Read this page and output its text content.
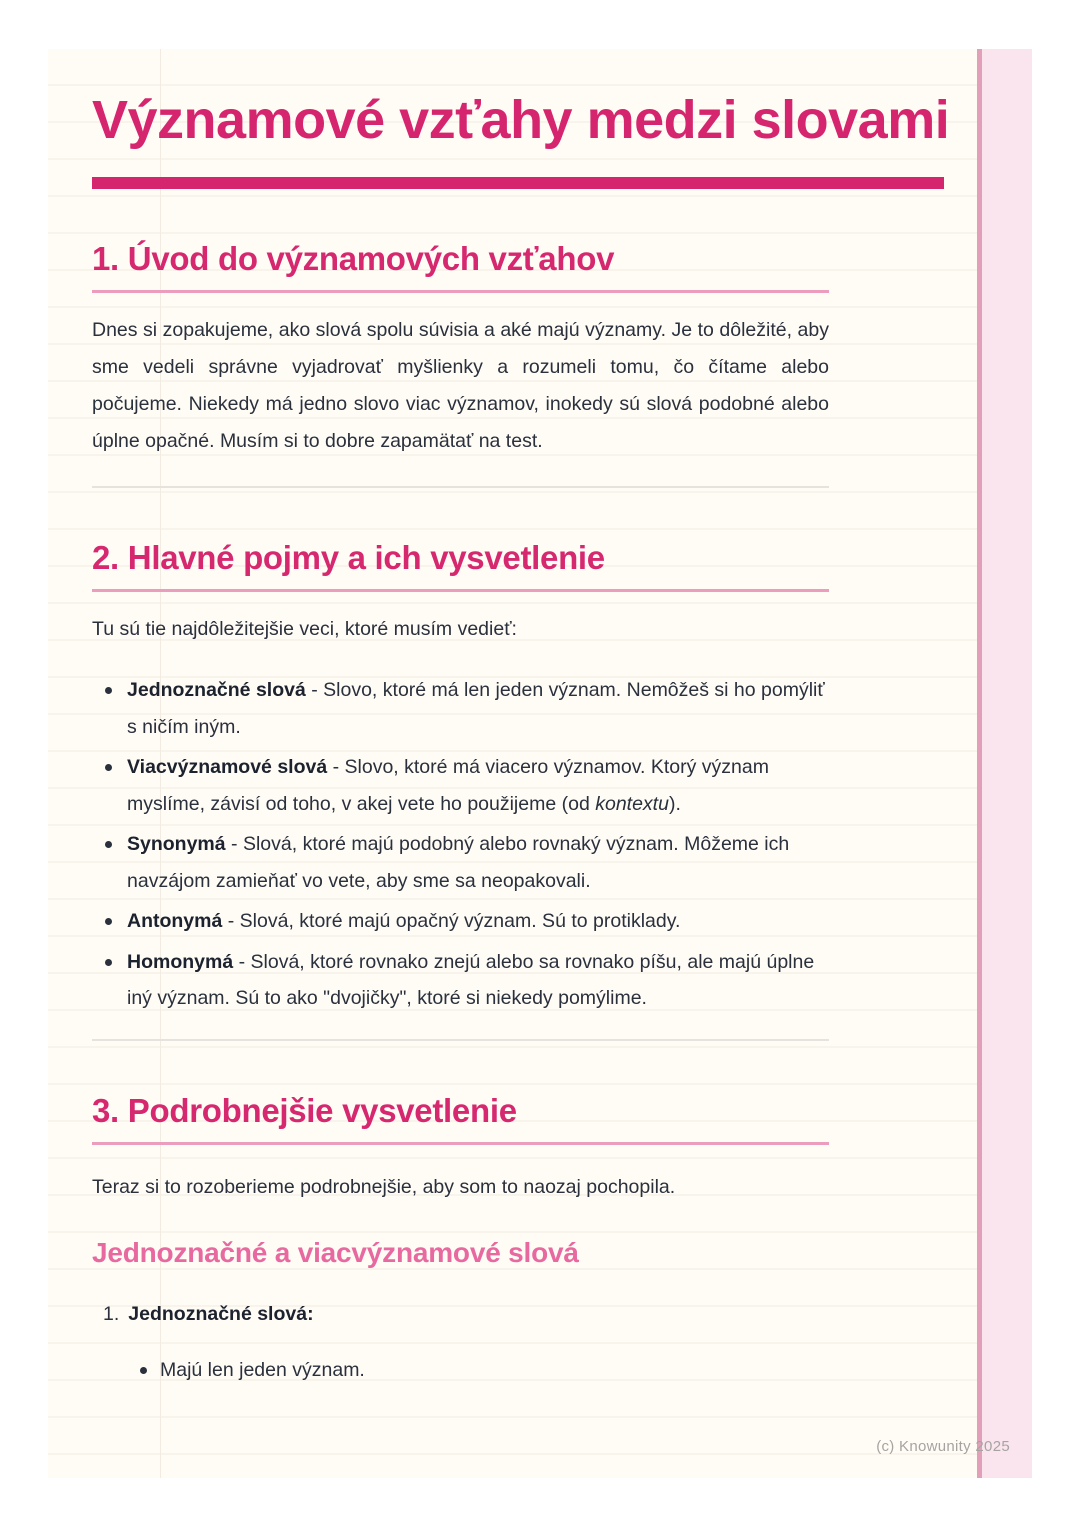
Významové vzťahy medzi slovami
1. Úvod do významových vzťahov

Dnes si zopakujeme, ako slová spolu súvisia a aké majú významy. Je to dôležité, aby sme vedeli správne vyjadrovať myšlienky a rozumeli tomu, čo čítame alebo počujeme. Niekedy má jedno slovo viac významov, inokedy sú slová podobné alebo úplne opačné. Musím si to dobre zapamätať na test.

2. Hlavné pojmy a ich vysvetlenie

Tu sú tie najdôležitejšie veci, ktoré musím vedieť:

Jednoznačné slová - Slovo, ktoré má len jeden význam. Nemôžeš si ho pomýliť s ničím iným.
Viacvýznamové slová - Slovo, ktoré má viacero významov. Ktorý význam myslíme, závisí od toho, v akej vete ho použijeme (od kontextu).
Synonymá - Slová, ktoré majú podobný alebo rovnaký význam. Môžeme ich navzájom zamieňať vo vete, aby sme sa neopakovali.
Antonymá - Slová, ktoré majú opačný význam. Sú to protiklady.
Homonymá - Slová, ktoré rovnako znejú alebo sa rovnako píšu, ale majú úplne iný význam. Sú to ako "dvojičky", ktoré si niekedy pomýlime.
3. Podrobnejšie vysvetlenie

Teraz si to rozoberieme podrobnejšie, aby som to naozaj pochopila.

Jednoznačné a viacvýznamové slová
1. Jednoznačné slová:
Majú len jeden význam.
(c) Knowunity 2025
